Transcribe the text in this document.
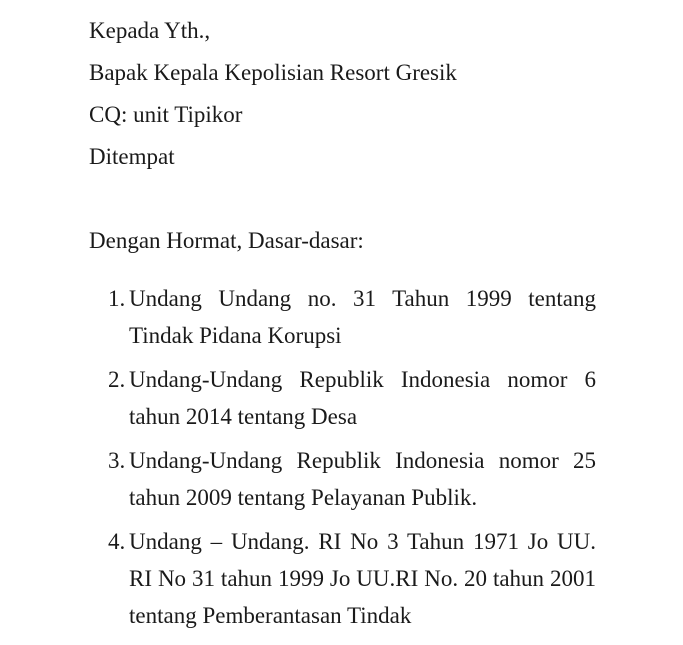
Kepada Yth.,
Bapak Kepala Kepolisian Resort Gresik
CQ: unit Tipikor
Ditempat
Dengan Hormat, Dasar-dasar:
1. Undang Undang no. 31 Tahun 1999 tentang Tindak Pidana Korupsi
2. Undang-Undang Republik Indonesia nomor 6 tahun 2014 tentang Desa
3. Undang-Undang Republik Indonesia nomor 25 tahun 2009 tentang Pelayanan Publik.
4. Undang – Undang. RI No 3 Tahun 1971 Jo UU. RI No 31 tahun 1999 Jo UU.RI No. 20 tahun 2001 tentang Pemberantasan Tindak
